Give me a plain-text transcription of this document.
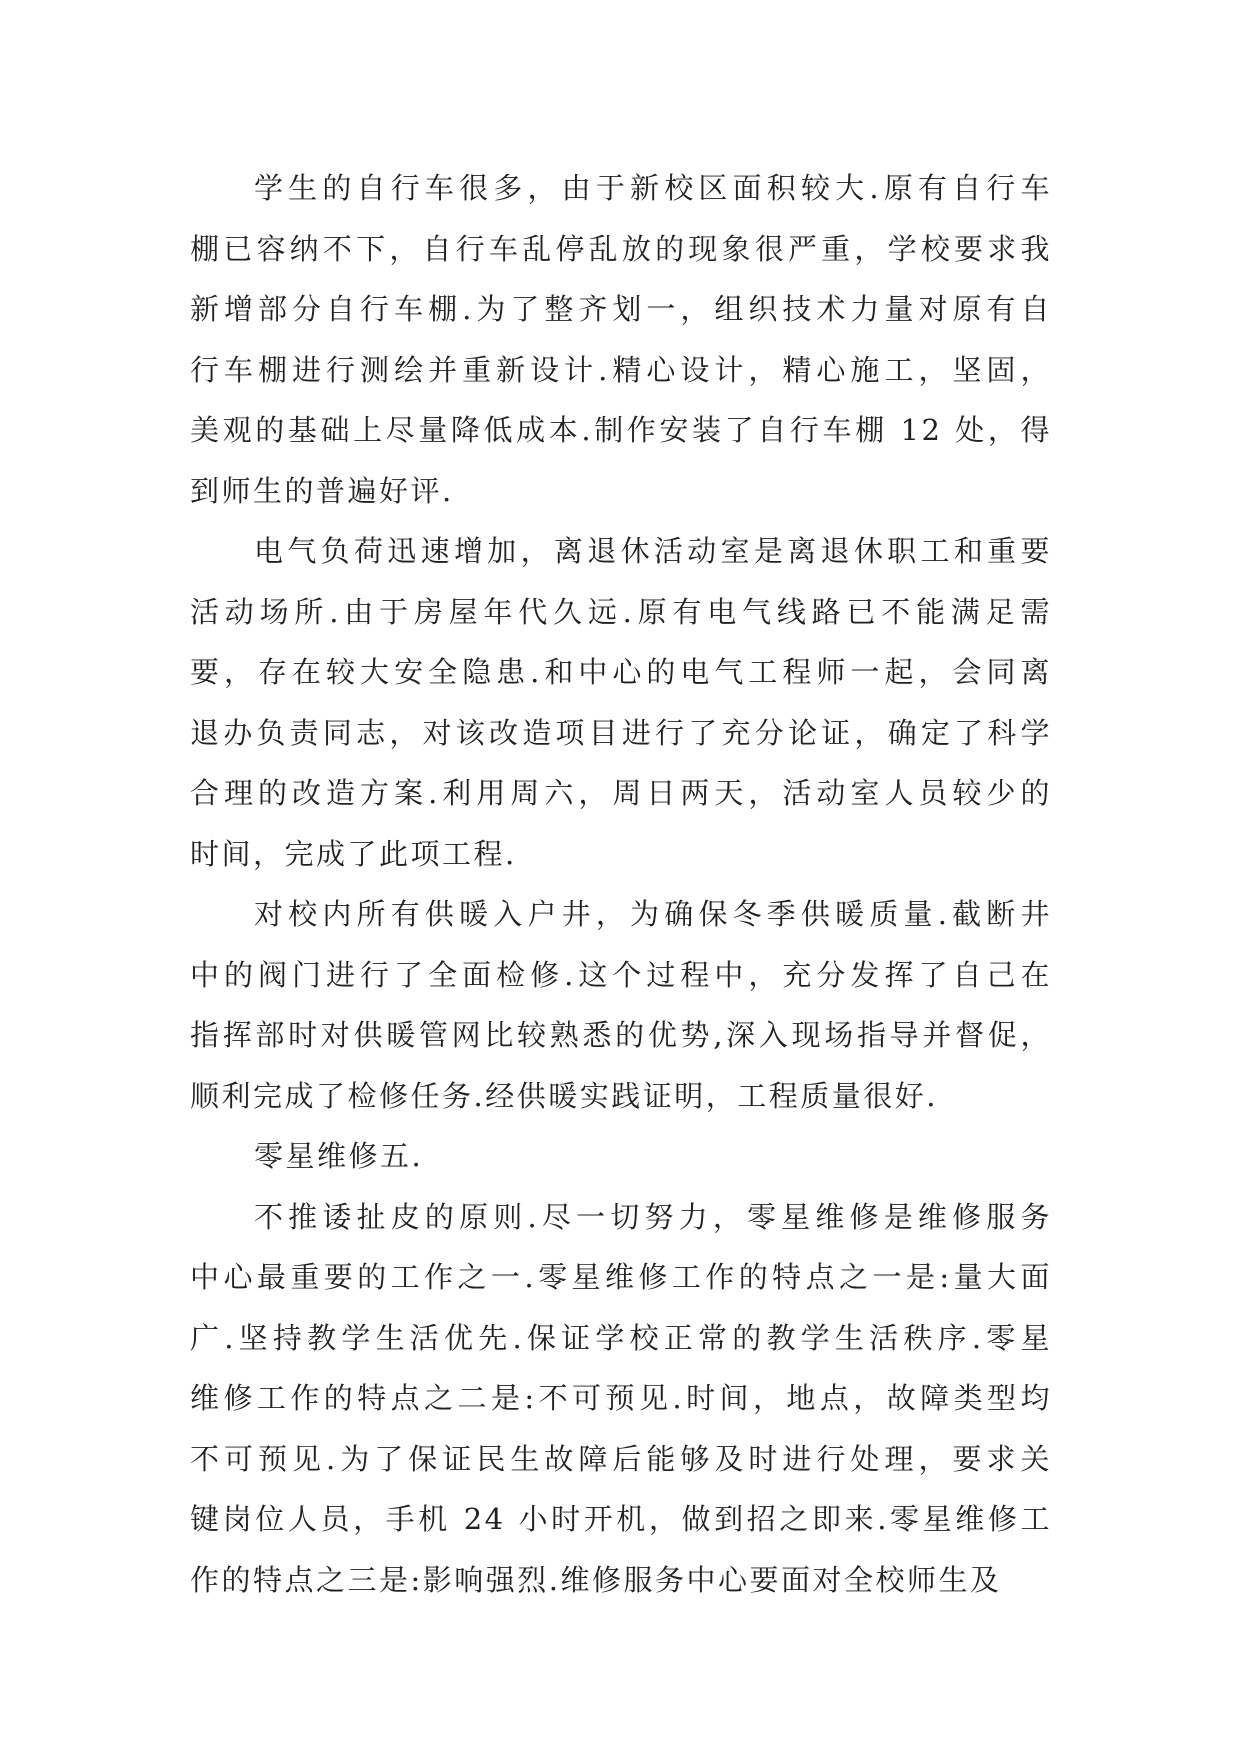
学生的自行车很多，由于新校区面积较大.原有自行车
棚已容纳不下，自行车乱停乱放的现象很严重，学校要求我
新增部分自行车棚.为了整齐划一，组织技术力量对原有自
行车棚进行测绘并重新设计.精心设计，精心施工，坚固，
美观的基础上尽量降低成本.制作安装了自行车棚 12 处，得
到师生的普遍好评.
电气负荷迅速增加，离退休活动室是离退休职工和重要
活动场所.由于房屋年代久远.原有电气线路已不能满足需
要，存在较大安全隐患.和中心的电气工程师一起，会同离
退办负责同志，对该改造项目进行了充分论证，确定了科学
合理的改造方案.利用周六，周日两天，活动室人员较少的
时间，完成了此项工程.
对校内所有供暖入户井，为确保冬季供暖质量.截断井
中的阀门进行了全面检修.这个过程中，充分发挥了自己在
指挥部时对供暖管网比较熟悉的优势,深入现场指导并督促，
顺利完成了检修任务.经供暖实践证明，工程质量很好.
零星维修五.
不推诿扯皮的原则.尽一切努力，零星维修是维修服务
中心最重要的工作之一.零星维修工作的特点之一是:量大面
广.坚持教学生活优先.保证学校正常的教学生活秩序.零星
维修工作的特点之二是:不可预见.时间，地点，故障类型均
不可预见.为了保证民生故障后能够及时进行处理，要求关
键岗位人员，手机 24 小时开机，做到招之即来.零星维修工
作的特点之三是:影响强烈.维修服务中心要面对全校师生及
